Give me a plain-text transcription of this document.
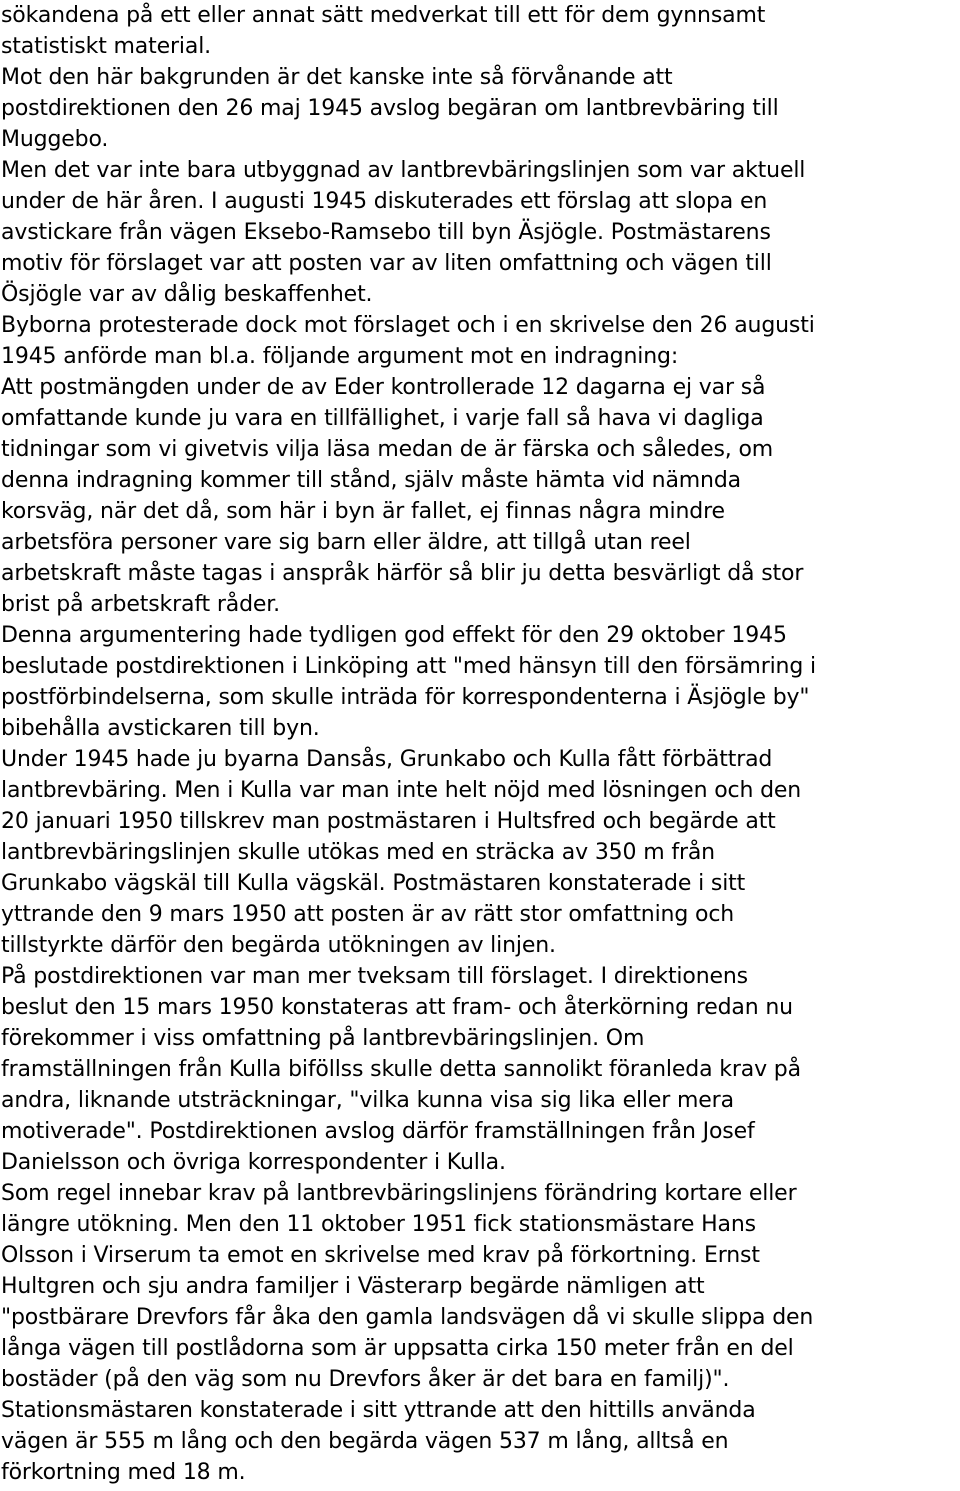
sökandena på ett eller annat sätt medverkat till ett för dem gynnsamt
statistiskt material.
Mot den här bakgrunden är det kanske inte så förvånande att
postdirektionen den 26 maj 1945 avslog begäran om lantbrevbäring till
Muggebo.
Men det var inte bara utbyggnad av lantbrevbäringslinjen som var aktuell
under de här åren. I augusti 1945 diskuterades ett förslag att slopa en
avstickare från vägen Eksebo-Ramsebo till byn Äsjögle. Postmästarens
motiv för förslaget var att posten var av liten omfattning och vägen till
Ösjögle var av dålig beskaffenhet.
Byborna protesterade dock mot förslaget och i en skrivelse den 26 augusti
1945 anförde man bl.a. följande argument mot en indragning:
Att postmängden under de av Eder kontrollerade 12 dagarna ej var så
omfattande kunde ju vara en tillfällighet, i varje fall så hava vi dagliga
tidningar som vi givetvis vilja läsa medan de är färska och således, om
denna indragning kommer till stånd, själv måste hämta vid nämnda
korsväg, när det då, som här i byn är fallet, ej finnas några mindre
arbetsföra personer vare sig barn eller äldre, att tillgå utan reel
arbetskraft måste tagas i anspråk härför så blir ju detta besvärligt då stor
brist på arbetskraft råder.
Denna argumentering hade tydligen god effekt för den 29 oktober 1945
beslutade postdirektionen i Linköping att "med hänsyn till den försämring i
postförbindelserna, som skulle inträda för korrespondenterna i Äsjögle by"
bibehålla avstickaren till byn.
Under 1945 hade ju byarna Dansås, Grunkabo och Kulla fått förbättrad
lantbrevbäring. Men i Kulla var man inte helt nöjd med lösningen och den
20 januari 1950 tillskrev man postmästaren i Hultsfred och begärde att
lantbrevbäringslinjen skulle utökas med en sträcka av 350 m från
Grunkabo vägskäl till Kulla vägskäl. Postmästaren konstaterade i sitt
yttrande den 9 mars 1950 att posten är av rätt stor omfattning och
tillstyrkte därför den begärda utökningen av linjen.
På postdirektionen var man mer tveksam till förslaget. I direktionens
beslut den 15 mars 1950 konstateras att fram- och återkörning redan nu
förekommer i viss omfattning på lantbrevbäringslinjen. Om
framställningen från Kulla biföllss skulle detta sannolikt föranleda krav på
andra, liknande utsträckningar, "vilka kunna visa sig lika eller mera
motiverade". Postdirektionen avslog därför framställningen från Josef
Danielsson och övriga korrespondenter i Kulla.
Som regel innebar krav på lantbrevbäringslinjens förändring kortare eller
längre utökning. Men den 11 oktober 1951 fick stationsmästare Hans
Olsson i Virserum ta emot en skrivelse med krav på förkortning. Ernst
Hultgren och sju andra familjer i Västerarp begärde nämligen att
"postbärare Drevfors får åka den gamla landsvägen då vi skulle slippa den
långa vägen till postlådorna som är uppsatta cirka 150 meter från en del
bostäder (på den väg som nu Drevfors åker är det bara en familj)".
Stationsmästaren konstaterade i sitt yttrande att den hittills använda
vägen är 555 m lång och den begärda vägen 537 m lång, alltså en
förkortning med 18 m.
